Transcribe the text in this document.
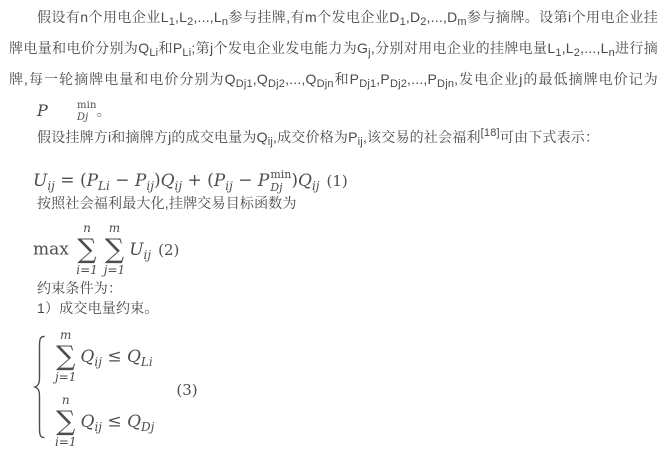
假设有n个用电企业$L_1,L_2,...,L_n$参与挂牌,有m个发电企业$D_1,D_2,...,D_m$参与摘牌。设第i个用电企业挂牌电量和电价分别为$Q_{Li}$和$P_{Li}$;第j个发电企业发电能力为$G_j$,分别对用电企业的挂牌电量$L_1,L_2,...,L_n$进行摘牌,每一轮摘牌电量和电价分别为$Q_{Dj1},Q_{Dj2},...,Q_{Djn}$和$P_{Dj1},P_{Dj2},...,P_{Djn}$,发电企业j的最低摘牌电价记为
P	min
Dj 。

假设挂牌方i和摘牌方j的成交电量为$Q_{ij}$,成交价格为$P_{ij}$,该交易的社会福利[18]可由下式表示：

$U_{ij} = (P_{Li} - P_{ij})Q_{ij} + (P_{ij} - P$ min
Dj )$Q_{ij}$ (1)

按照社会福利最大化,挂牌交易目标函数为

max
n
∑
i=1
m
∑
j=1
$U_{ij}$ (2)

约束条件为：

1）成交电量约束。

m
∑
j=1
$Q_{ij} \le Q_{Li}$
n
∑
i=1
$Q_{ij} \le Q_{Dj}$
(3)
